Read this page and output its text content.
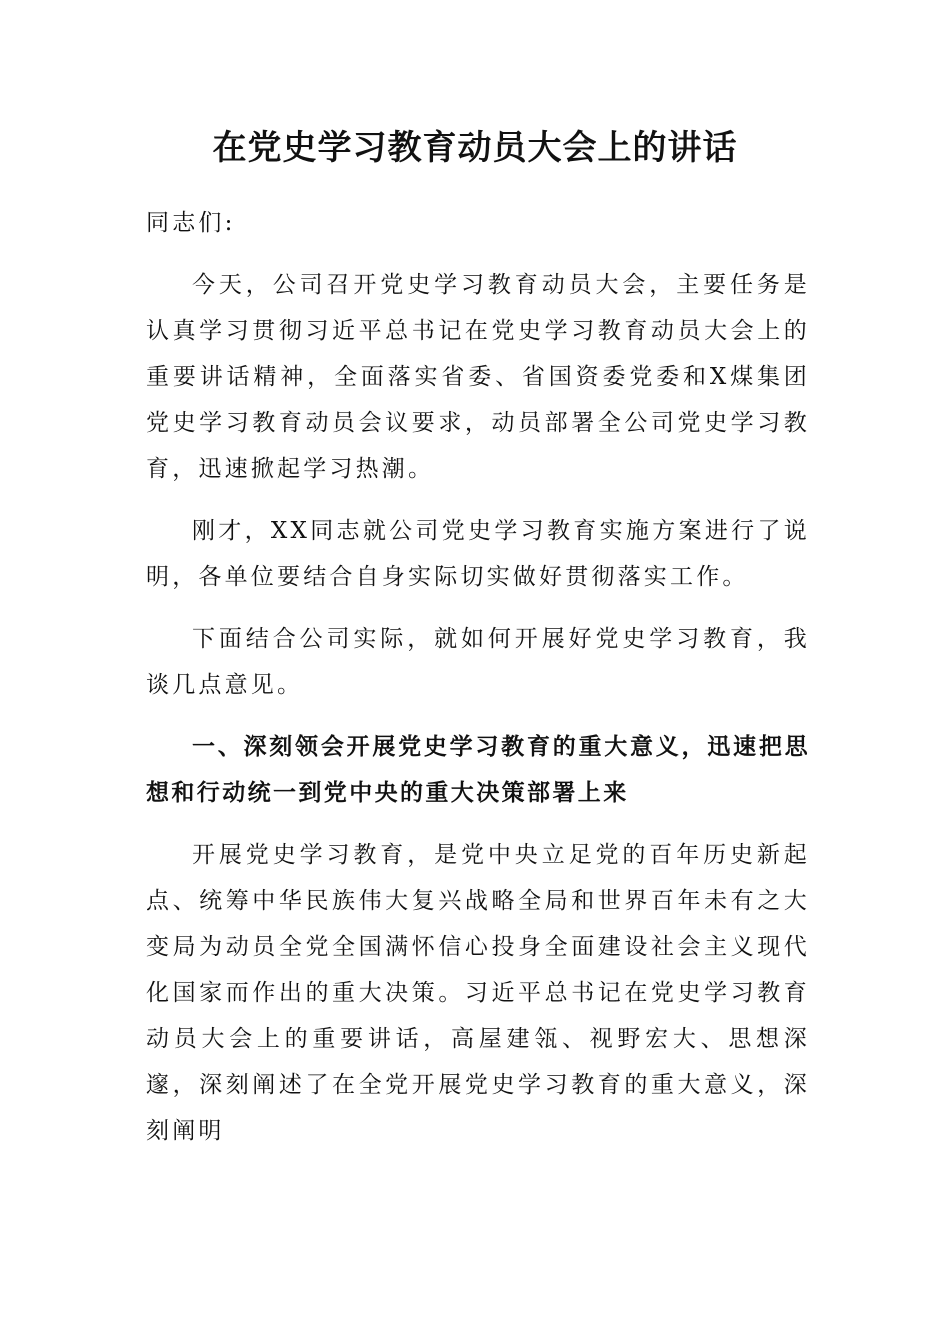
在党史学习教育动员大会上的讲话

同志们:

今天，公司召开党史学习教育动员大会，主要任务是认真学习贯彻习近平总书记在党史学习教育动员大会上的重要讲话精神，全面落实省委、省国资委党委和X煤集团党史学习教育动员会议要求，动员部署全公司党史学习教育，迅速掀起学习热潮。

刚才，XX同志就公司党史学习教育实施方案进行了说明，各单位要结合自身实际切实做好贯彻落实工作。

下面结合公司实际，就如何开展好党史学习教育，我谈几点意见。

一、深刻领会开展党史学习教育的重大意义，迅速把思想和行动统一到党中央的重大决策部署上来

开展党史学习教育，是党中央立足党的百年历史新起点、统筹中华民族伟大复兴战略全局和世界百年未有之大变局为动员全党全国满怀信心投身全面建设社会主义现代化国家而作出的重大决策。习近平总书记在党史学习教育动员大会上的重要讲话，高屋建瓴、视野宏大、思想深邃，深刻阐述了在全党开展党史学习教育的重大意义，深刻阐明
